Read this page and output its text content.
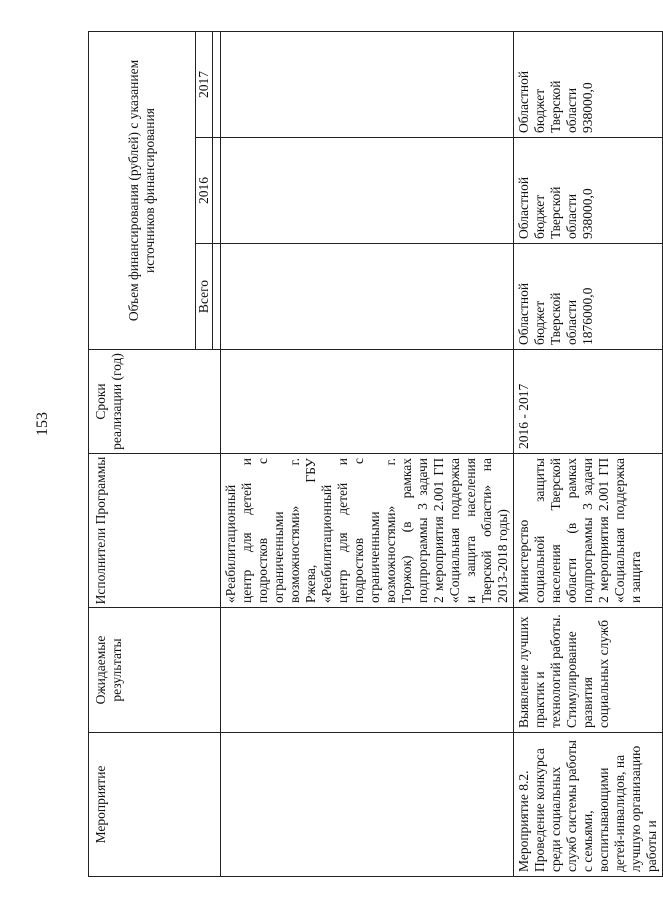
153
Мероприятие	Ожидаемые результаты	Исполнители Программы	Сроки реализации (год)	Объем финансирования (рублей) с указанием источников финансирования		

				Всего	2016	2017

		«Реабилитационный центр для детей и подростков с ограниченными возможностями» г. Ржева, ГБУ «Реабилитационный центр для детей и подростков с ограниченными возможностями» г. Торжок) (в рамках подпрограммы 3 задачи 2 мероприятия 2.001 ГП «Социальная поддержка и защита населения Тверской области» на 2013-2018 годы)				
Мероприятие 8.2. Проведение конкурса среди социальных служб системы работы с семьями, воспитывающими детей-инвалидов, на лучшую организацию работы и	Выявление лучших практик и технологий работы. Стимулирование развития социальных служб	Министерство социальной защиты населения Тверской области (в рамках подпрограммы 3 задачи 2 мероприятия 2.001 ГП «Социальная поддержка и защита	2016 - 2017	Областной бюджет Тверской области 1876000,0	Областной бюджет Тверской области 938000,0	Областной бюджет Тверской области 938000,0
